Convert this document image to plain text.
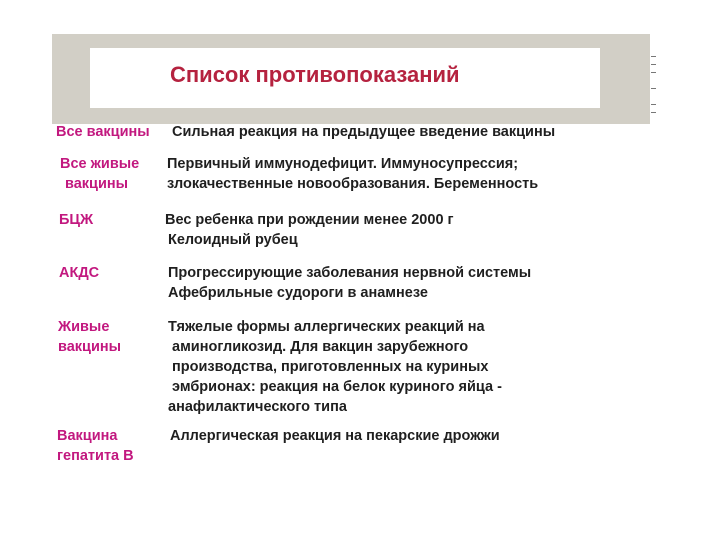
Список противопоказаний
Все вакцины Сильная реакция на предыдущее введение вакцины
Все живые
вакцины
Первичный иммунодефицит. Иммуносупрессия;
злокачественные новообразования. Беременность
БЦЖ	Вес ребенка при рождении менее 2000 г
Келоидный рубец
АКДС	Прогрессирующие заболевания нервной системы
Афебрильные судороги в анамнезе
Живые
вакцины
Тяжелые формы аллергических реакций на
аминогликозид. Для вакцин зарубежного
производства, приготовленных на куриных
эмбрионах: реакция на белок куриного яйца -
анафилактического типа
Вакцина
гепатита В
Аллергическая реакция на пекарские дрожжи
